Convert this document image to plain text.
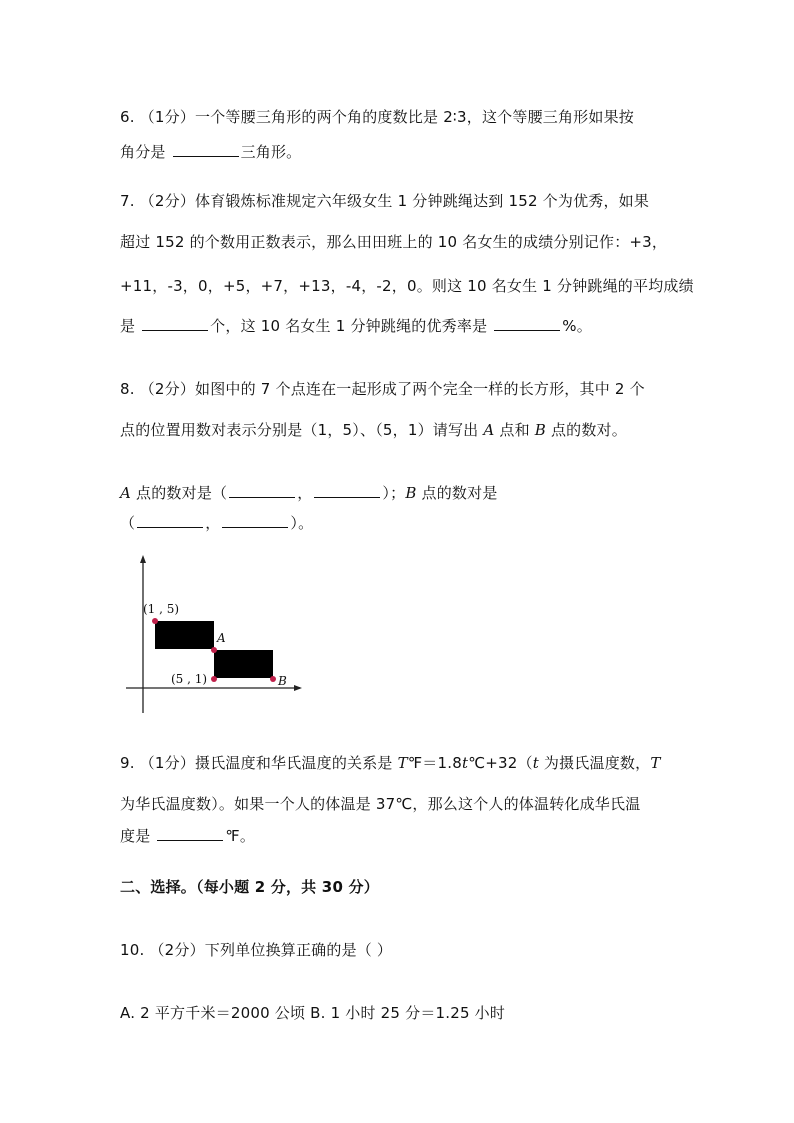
6. （1分）一个等腰三角形的两个角的度数比是 2∶3，这个等腰三角形如果按
角分是	三角形。
7. （2分）体育锻炼标准规定六年级女生 1 分钟跳绳达到 152 个为优秀，如果
超过 152 的个数用正数表示，那么田田班上的 10 名女生的成绩分别记作：+3，
+11，-3，0，+5，+7，+13，-4，-2，0。则这 10 名女生 1 分钟跳绳的平均成绩
是	个，这 10 名女生 1 分钟跳绳的优秀率是	%。
8. （2分）如图中的 7 个点连在一起形成了两个完全一样的长方形，其中 2 个
点的位置用数对表示分别是（1，5）、（5，1）请写出 A 点和 B 点的数对。
A 点的数对是（	，	）；B 点的数对是
（	，	）。
(1 , 5)
A
(5 , 1)	B
9. （1分）摄氏温度和华氏温度的关系是 T℉＝1.8t℃+32（t 为摄氏温度数，T
为华氏温度数）。如果一个人的体温是 37℃，那么这个人的体温转化成华氏温
度是	℉。
二、选择。（每小题 2 分，共 30 分）
10. （2分）下列单位换算正确的是（ ）
A. 2 平方千米＝2000 公顷 B. 1 小时 25 分＝1.25 小时
